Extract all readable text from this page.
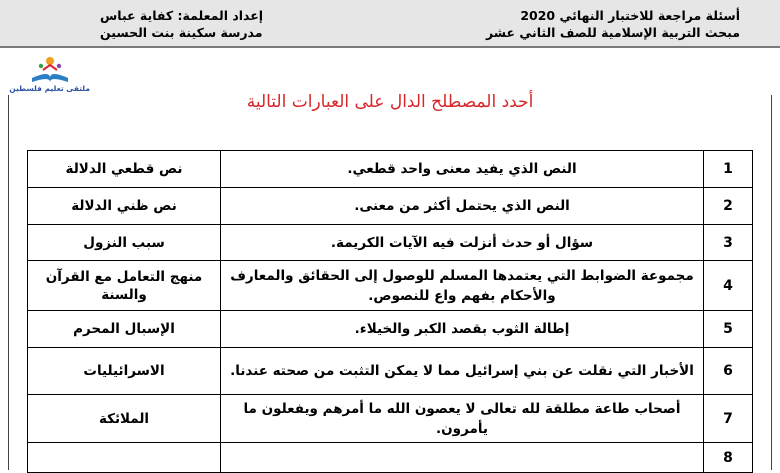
أسئلة مراجعة للاختبار النهائي 2020
مبحث التربية الإسلامية للصف الثاني عشر
إعداد المعلمة: كفاية عباس
مدرسة سكينة بنت الحسين
ملتقى تعليم فلسطين
أحدد المصطلح الدال على العبارات التالية
1	النص الذي يفيد معنى واحد قطعي.	نص قطعي الدلالة
2	النص الذي يحتمل أكثر من معنى.	نص ظني الدلالة
3	سؤال أو حدث أنزلت فيه الآيات الكريمة.	سبب النزول
4	مجموعة الضوابط التي يعتمدها المسلم للوصول إلى الحقائق والمعارف والأحكام بفهم واع للنصوص.	منهج التعامل مع القرآن والسنة
5	إطالة الثوب بقصد الكبر والخيلاء.	الإسبال المحرم
6	الأخبار التي نقلت عن بني إسرائيل مما لا يمكن التثبت من صحته عندنا.	الاسرائيليات
7	أصحاب طاعة مطلقة لله تعالى لا يعصون الله ما أمرهم ويفعلون ما يأمرون.	الملائكة
8		
